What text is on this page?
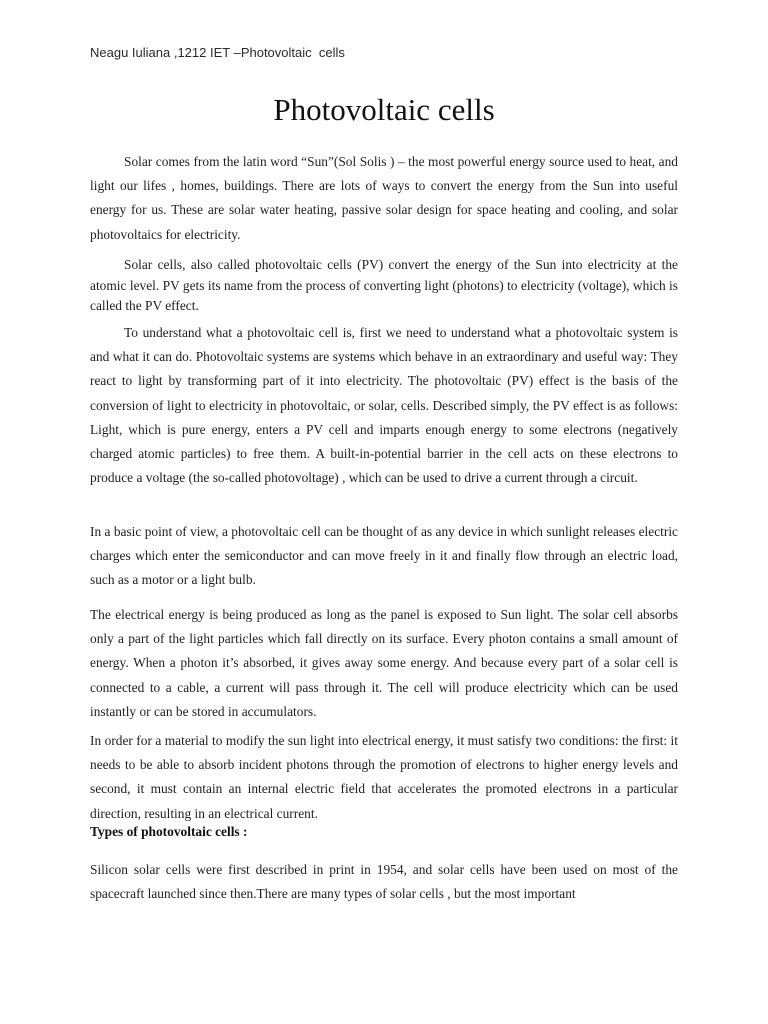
Neagu Iuliana ,1212 IET –Photovoltaic  cells
Photovoltaic cells

Solar comes from the latin word “Sun”(Sol Solis ) – the most powerful energy source used to heat, and light our lifes , homes, buildings. There are lots of ways to convert the energy from the Sun into useful energy for us. These are solar water heating, passive solar design for space heating and cooling, and solar photovoltaics for electricity.

Solar cells, also called photovoltaic cells (PV) convert the energy of the Sun into electricity at the atomic level. PV gets its name from the process of converting light (photons) to electricity (voltage), which is called the PV effect.

To understand what a photovoltaic cell is, first we need to understand what a photovoltaic system is and what it can do. Photovoltaic systems are systems which behave in an extraordinary and useful way: They react to light by transforming part of it into electricity. The photovoltaic (PV) effect is the basis of the conversion of light to electricity in photovoltaic, or solar, cells. Described simply, the PV effect is as follows: Light, which is pure energy, enters a PV cell and imparts enough energy to some electrons (negatively charged atomic particles) to free them. A built-in-potential barrier in the cell acts on these electrons to produce a voltage (the so-called photovoltage) , which can be used to drive a current through a circuit.

In a basic point of view, a photovoltaic cell can be thought of as any device in which sunlight releases electric charges which enter the semiconductor and can move freely in it and finally flow through an electric load, such as a motor or a light bulb.

The electrical energy is being produced as long as the panel is exposed to Sun light. The solar cell absorbs only a part of the light particles which fall directly on its surface. Every photon contains a small amount of energy. When a photon it’s absorbed, it gives away some energy. And because every part of a solar cell is connected to a cable, a current will pass through it. The cell will produce electricity which can be used instantly or can be stored in accumulators.

In order for a material to modify the sun light into electrical energy, it must satisfy two conditions: the first: it needs to be able to absorb incident photons through the promotion of electrons to higher energy levels and second, it must contain an internal electric field that accelerates the promoted electrons in a particular direction, resulting in an electrical current.

Types of photovoltaic cells :

Silicon solar cells were first described in print in 1954, and solar cells have been used on most of the spacecraft launched since then.There are many types of solar cells , but the most important
